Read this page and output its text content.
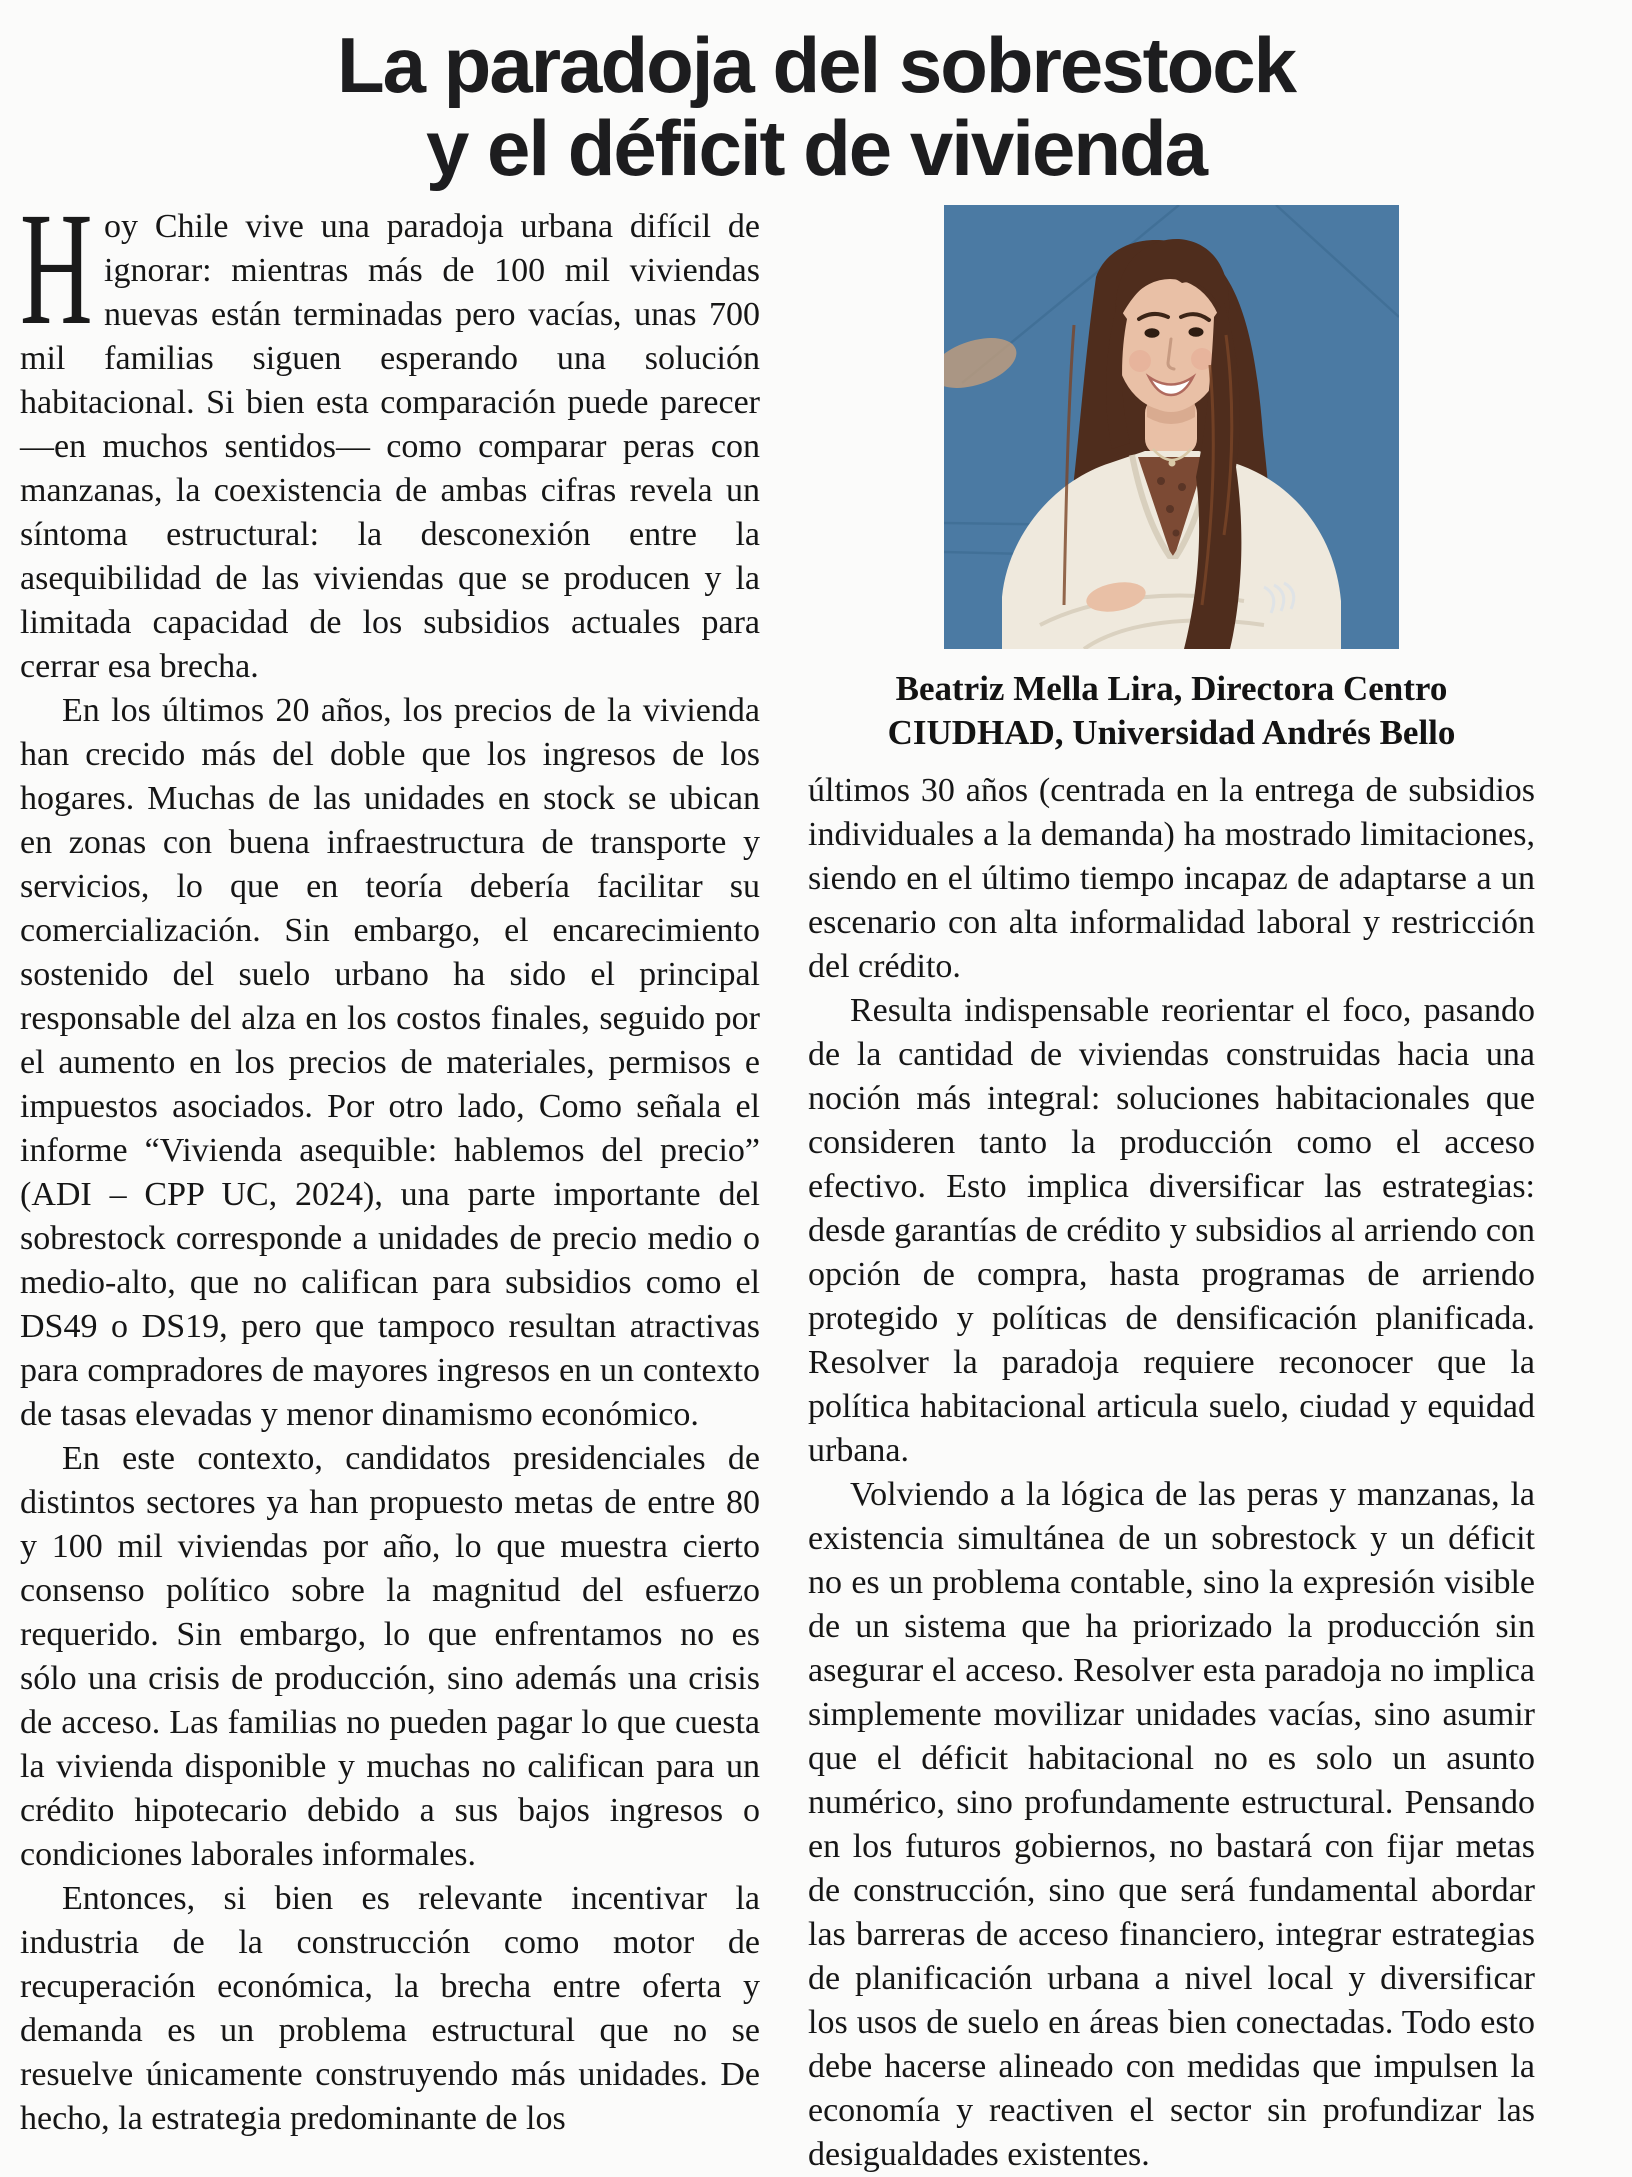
La paradoja del sobrestock
y el déficit de vivienda

Hoy Chile vive una paradoja urbana difícil de ignorar: mientras más de 100 mil viviendas nuevas están terminadas pero vacías, unas 700 mil familias siguen esperando una solución habitacional. Si bien esta comparación puede parecer —en muchos sentidos— como comparar peras con manzanas, la coexistencia de ambas cifras revela un síntoma estructural: la desconexión entre la asequibilidad de las viviendas que se producen y la limitada capacidad de los subsidios actuales para cerrar esa brecha.

En los últimos 20 años, los precios de la vivienda han crecido más del doble que los ingresos de los hogares. Muchas de las unidades en stock se ubican en zonas con buena infraestructura de transporte y servicios, lo que en teoría debería facilitar su comercialización. Sin embargo, el encarecimiento sostenido del suelo urbano ha sido el principal responsable del alza en los costos finales, seguido por el aumento en los precios de materiales, permisos e impuestos asociados. Por otro lado, Como señala el informe “Vivienda asequible: hablemos del precio” (ADI – CPP UC, 2024), una parte importante del sobrestock corresponde a unidades de precio medio o medio-alto, que no califican para subsidios como el DS49 o DS19, pero que tampoco resultan atractivas para compradores de mayores ingresos en un contexto de tasas elevadas y menor dinamismo económico.

En este contexto, candidatos presidenciales de distintos sectores ya han propuesto metas de entre 80 y 100 mil viviendas por año, lo que muestra cierto consenso político sobre la magnitud del esfuerzo requerido. Sin embargo, lo que enfrentamos no es sólo una crisis de producción, sino además una crisis de acceso. Las familias no pueden pagar lo que cuesta la vivienda disponible y muchas no califican para un crédito hipotecario debido a sus bajos ingresos o condiciones laborales informales.

Entonces, si bien es relevante incentivar la industria de la construcción como motor de recuperación económica, la brecha entre oferta y demanda es un problema estructural que no se resuelve únicamente construyendo más unidades. De hecho, la estrategia predominante de los

Beatriz Mella Lira, Directora Centro
CIUDHAD, Universidad Andrés Bello

últimos 30 años (centrada en la entrega de subsidios individuales a la demanda) ha mostrado limitaciones, siendo en el último tiempo incapaz de adaptarse a un escenario con alta informalidad laboral y restricción del crédito.

Resulta indispensable reorientar el foco, pasando de la cantidad de viviendas construidas hacia una noción más integral: soluciones habitacionales que consideren tanto la producción como el acceso efectivo. Esto implica diversificar las estrategias: desde garantías de crédito y subsidios al arriendo con opción de compra, hasta programas de arriendo protegido y políticas de densificación planificada. Resolver la paradoja requiere reconocer que la política habitacional articula suelo, ciudad y equidad urbana.

Volviendo a la lógica de las peras y manzanas, la existencia simultánea de un sobrestock y un déficit no es un problema contable, sino la expresión visible de un sistema que ha priorizado la producción sin asegurar el acceso. Resolver esta paradoja no implica simplemente movilizar unidades vacías, sino asumir que el déficit habitacional no es solo un asunto numérico, sino profundamente estructural. Pensando en los futuros gobiernos, no bastará con fijar metas de construcción, sino que será fundamental abordar las barreras de acceso financiero, integrar estrategias de planificación urbana a nivel local y diversificar los usos de suelo en áreas bien conectadas. Todo esto debe hacerse alineado con medidas que impulsen la economía y reactiven el sector sin profundizar las desigualdades existentes.
